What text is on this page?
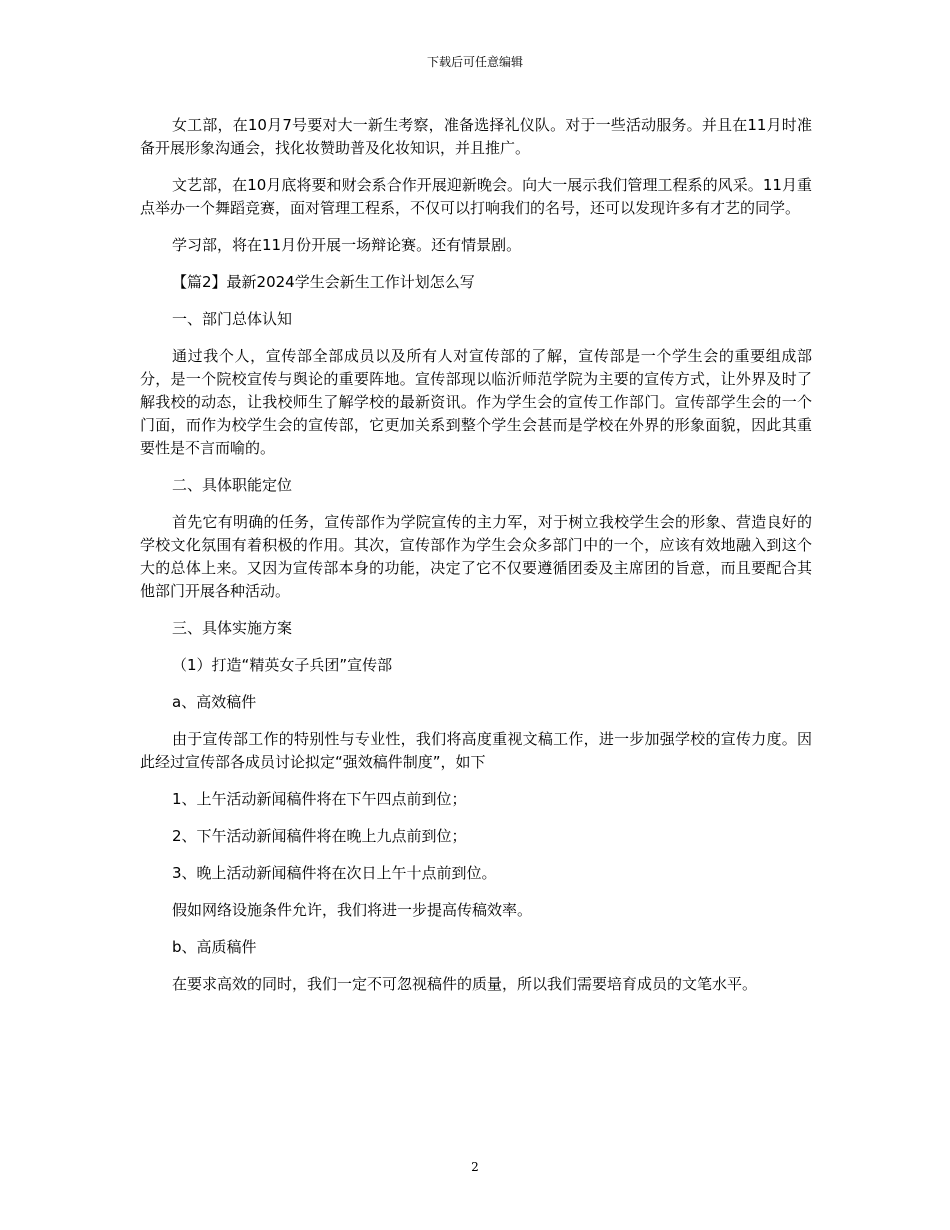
下载后可任意编辑

女工部，在10月7号要对大一新生考察，准备选择礼仪队。对于一些活动服务。并且在11月时准备开展形象沟通会，找化妆赞助普及化妆知识，并且推广。

文艺部，在10月底将要和财会系合作开展迎新晚会。向大一展示我们管理工程系的风采。11月重点举办一个舞蹈竞赛，面对管理工程系，不仅可以打响我们的名号，还可以发现许多有才艺的同学。

学习部，将在11月份开展一场辩论赛。还有情景剧。

【篇2】最新2024学生会新生工作计划怎么写

一、部门总体认知

通过我个人，宣传部全部成员以及所有人对宣传部的了解，宣传部是一个学生会的重要组成部分，是一个院校宣传与舆论的重要阵地。宣传部现以临沂师范学院为主要的宣传方式，让外界及时了解我校的动态，让我校师生了解学校的最新资讯。作为学生会的宣传工作部门。宣传部学生会的一个门面，而作为校学生会的宣传部，它更加关系到整个学生会甚而是学校在外界的形象面貌，因此其重要性是不言而喻的。

二、具体职能定位

首先它有明确的任务，宣传部作为学院宣传的主力军，对于树立我校学生会的形象、营造良好的学校文化氛围有着积极的作用。其次，宣传部作为学生会众多部门中的一个，应该有效地融入到这个大的总体上来。又因为宣传部本身的功能，决定了它不仅要遵循团委及主席团的旨意，而且要配合其他部门开展各种活动。

三、具体实施方案

（1）打造“精英女子兵团”宣传部

a、高效稿件

由于宣传部工作的特别性与专业性，我们将高度重视文稿工作，进一步加强学校的宣传力度。因此经过宣传部各成员讨论拟定“强效稿件制度”，如下

1、上午活动新闻稿件将在下午四点前到位；

2、下午活动新闻稿件将在晚上九点前到位；

3、晚上活动新闻稿件将在次日上午十点前到位。

假如网络设施条件允许，我们将进一步提高传稿效率。

b、高质稿件

在要求高效的同时，我们一定不可忽视稿件的质量，所以我们需要培育成员的文笔水平。

2
